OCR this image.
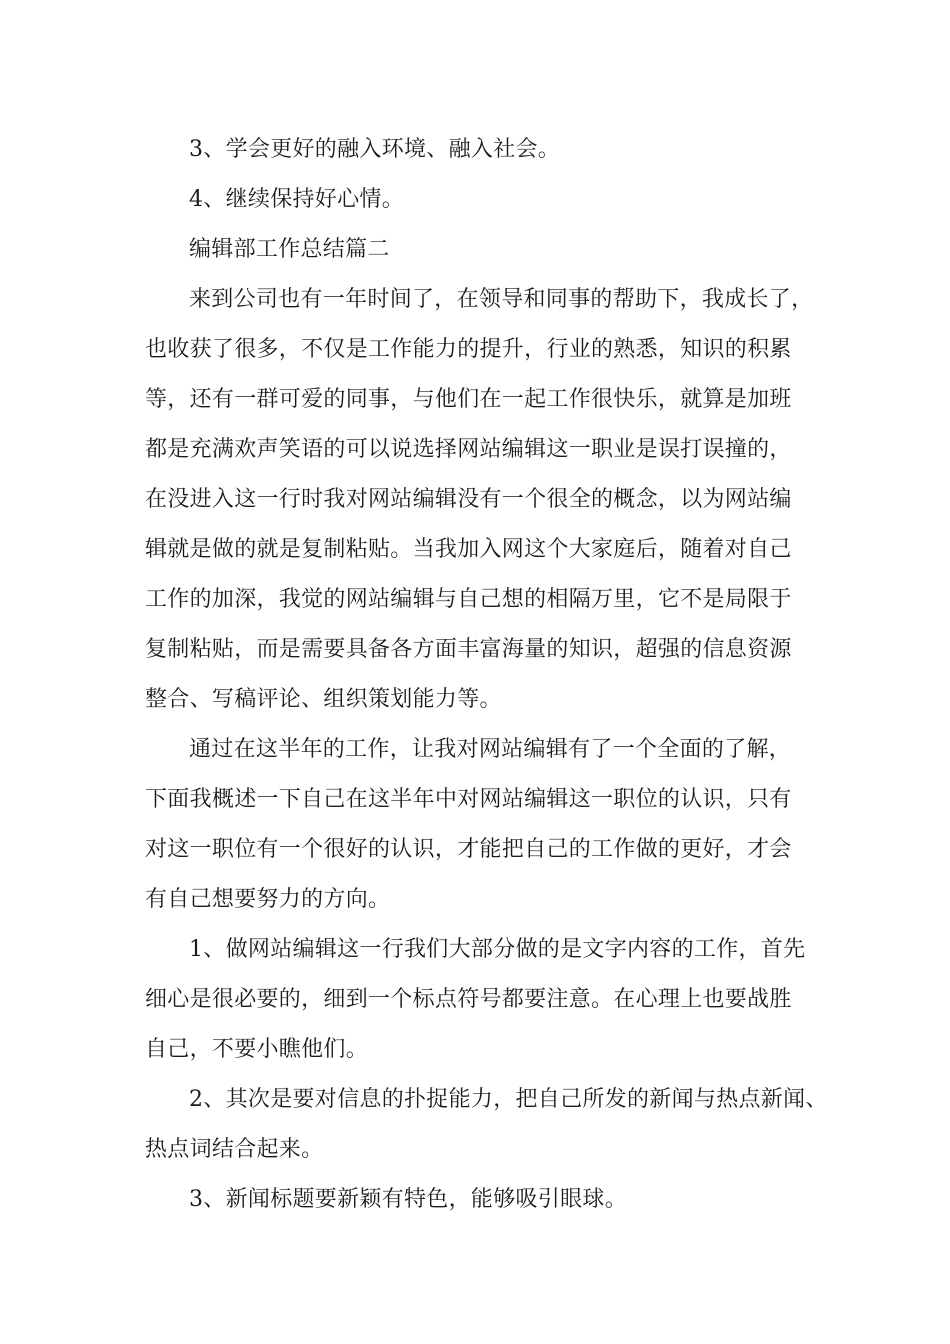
3、学会更好的融入环境、融入社会。
4、继续保持好心情。
编辑部工作总结篇二
来到公司也有一年时间了，在领导和同事的帮助下，我成长了，
也收获了很多，不仅是工作能力的提升，行业的熟悉，知识的积累
等，还有一群可爱的同事，与他们在一起工作很快乐，就算是加班
都是充满欢声笑语的可以说选择网站编辑这一职业是误打误撞的，
在没进入这一行时我对网站编辑没有一个很全的概念，以为网站编
辑就是做的就是复制粘贴。当我加入网这个大家庭后，随着对自己
工作的加深，我觉的网站编辑与自己想的相隔万里，它不是局限于
复制粘贴，而是需要具备各方面丰富海量的知识，超强的信息资源
整合、写稿评论、组织策划能力等。
通过在这半年的工作，让我对网站编辑有了一个全面的了解，
下面我概述一下自己在这半年中对网站编辑这一职位的认识，只有
对这一职位有一个很好的认识，才能把自己的工作做的更好，才会
有自己想要努力的方向。
1、做网站编辑这一行我们大部分做的是文字内容的工作，首先
细心是很必要的，细到一个标点符号都要注意。在心理上也要战胜
自己，不要小瞧他们。
2、其次是要对信息的扑捉能力，把自己所发的新闻与热点新闻、
热点词结合起来。
3、新闻标题要新颖有特色，能够吸引眼球。
